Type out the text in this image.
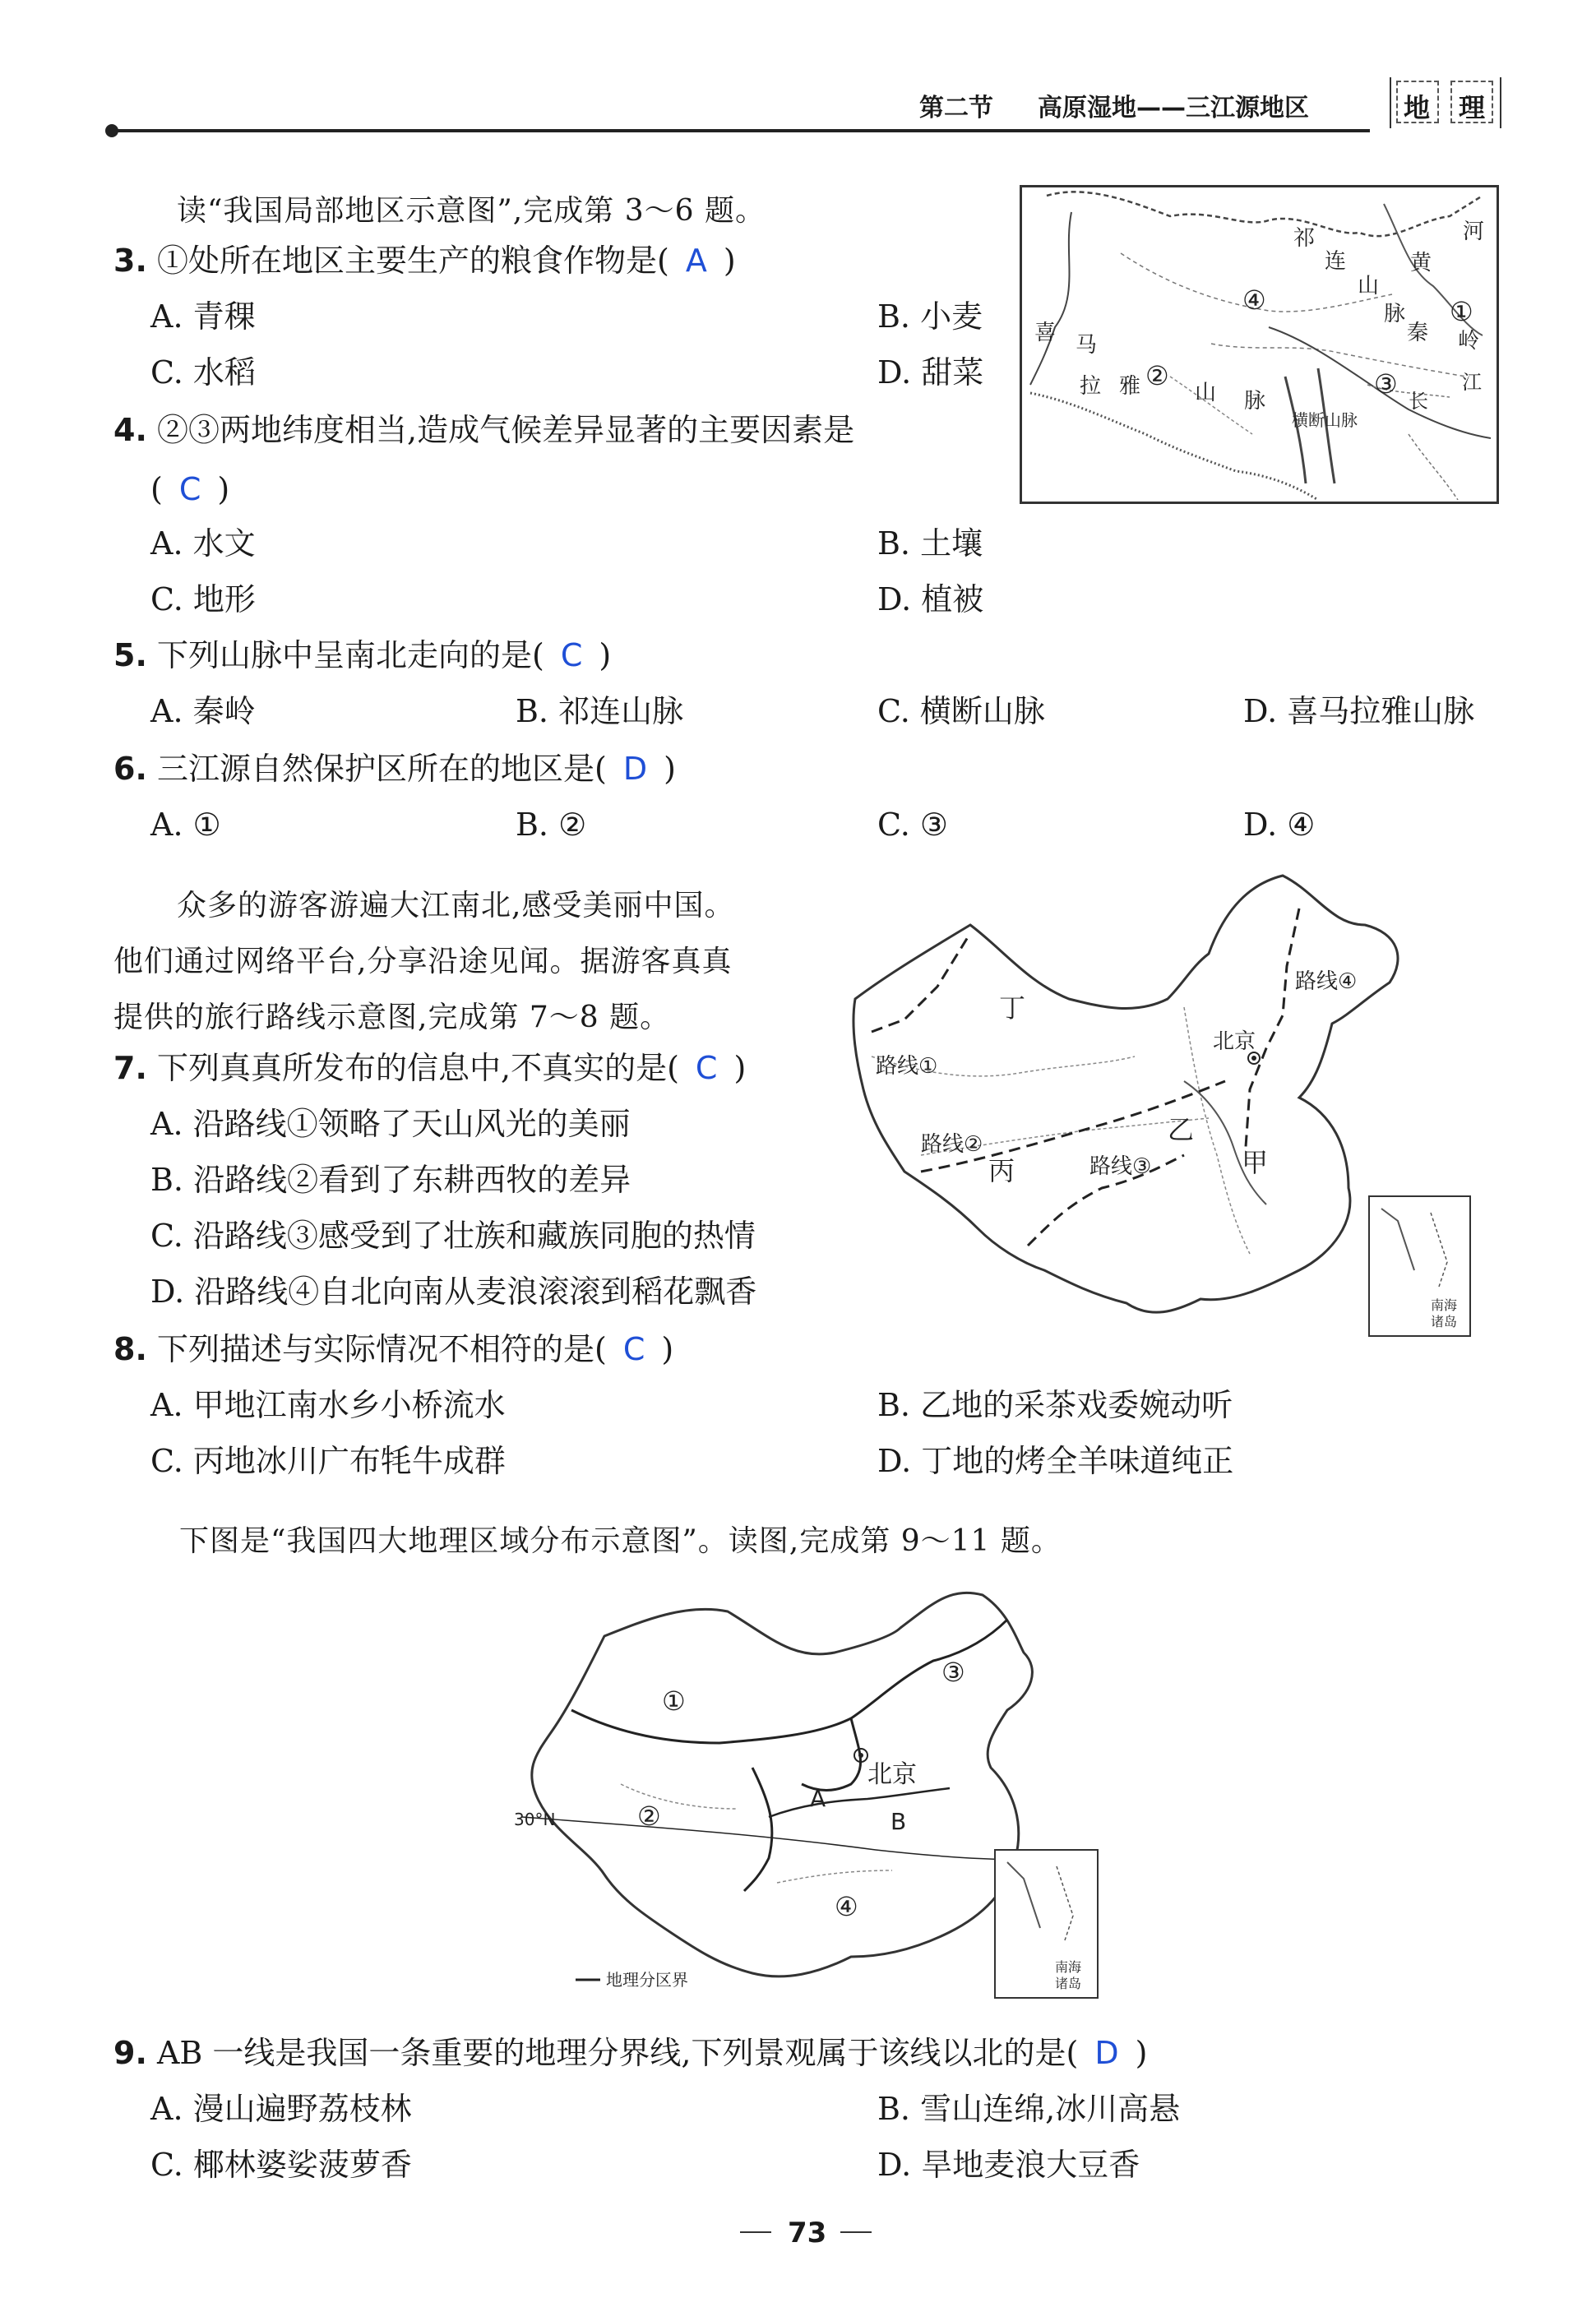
第二节 高原湿地——三江源地区	地 理
读“我国局部地区示意图”,完成第 3～6 题。
祁
连
山
脉
黄
河
秦 岭
①
④
②	③
喜 马
拉 雅	山 脉
横断山脉
长
江
3. ①处所在地区主要生产的粮食作物是( A )
A. 青稞	B. 小麦
C. 水稻	D. 甜菜
4. ②③两地纬度相当,造成气候差异显著的主要因素是
( C )
A. 水文	B. 土壤
C. 地形	D. 植被
5. 下列山脉中呈南北走向的是( C )
A. 秦岭	B. 祁连山脉	C. 横断山脉	D. 喜马拉雅山脉
6. 三江源自然保护区所在的地区是( D )
A. ①	B. ②	C. ③	D. ④
众多的游客游遍大江南北,感受美丽中国。
他们通过网络平台,分享沿途见闻。据游客真真
提供的旅行路线示意图,完成第 7～8 题。
路线①
路线②
路线③
路线④
丁
乙
丙	甲
北京
南海
诸岛
7. 下列真真所发布的信息中,不真实的是( C )
A. 沿路线①领略了天山风光的美丽
B. 沿路线②看到了东耕西牧的差异
C. 沿路线③感受到了壮族和藏族同胞的热情
D. 沿路线④自北向南从麦浪滚滚到稻花飘香
8. 下列描述与实际情况不相符的是( C )
A. 甲地江南水乡小桥流水	B. 乙地的采茶戏委婉动听
C. 丙地冰川广布牦牛成群	D. 丁地的烤全羊味道纯正
下图是“我国四大地理区域分布示意图”。读图,完成第 9～11 题。
①
③
②
④
A
B
北京
30°N
地理分区界
南海
诸岛
9. AB 一线是我国一条重要的地理分界线,下列景观属于该线以北的是( D )
A. 漫山遍野荔枝林	B. 雪山连绵,冰川高悬
C. 椰林婆娑菠萝香	D. 旱地麦浪大豆香
73
